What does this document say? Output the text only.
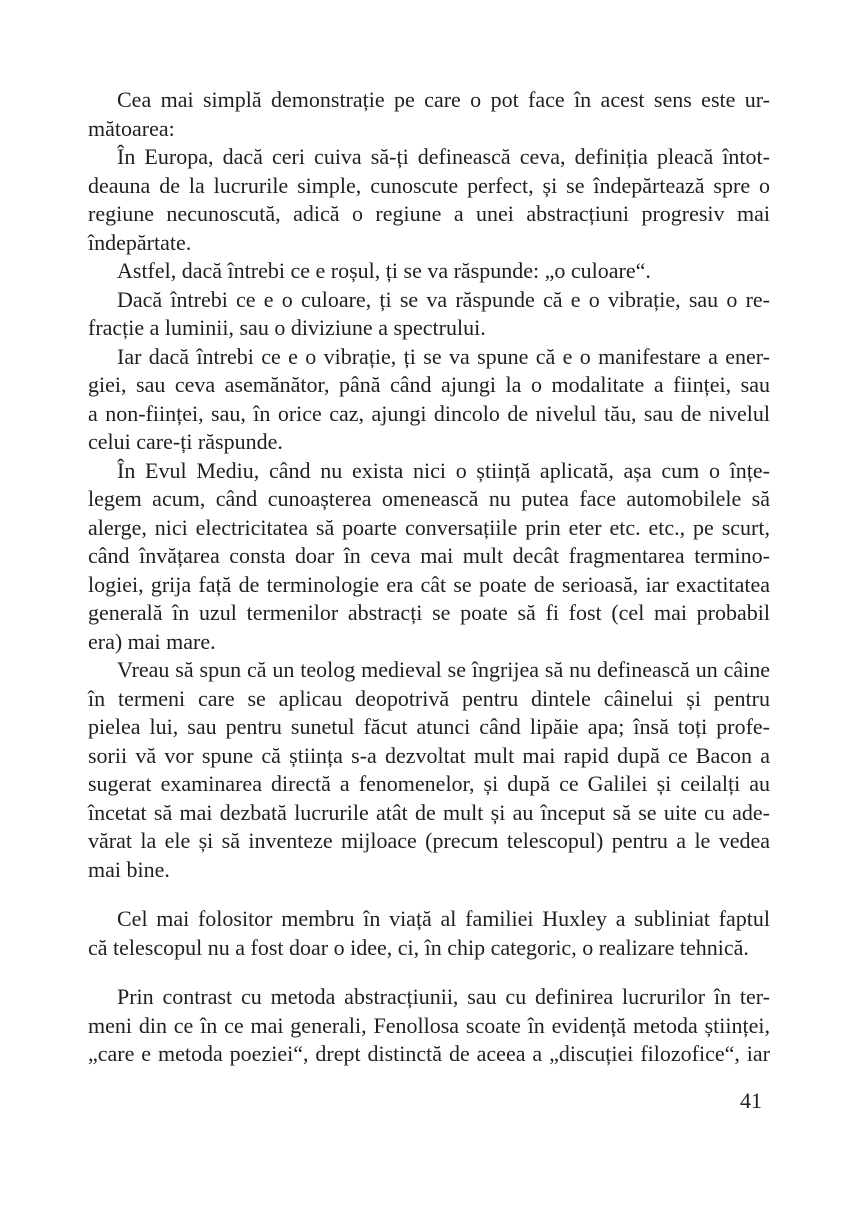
Cea mai simplă demonstrație pe care o pot face în acest sens este ur-
mătoarea:

În Europa, dacă ceri cuiva să-ți definească ceva, definiția pleacă întot-
deauna de la lucrurile simple, cunoscute perfect, și se îndepărtează spre o
regiune necunoscută, adică o regiune a unei abstracțiuni progresiv mai
îndepărtate.

Astfel, dacă întrebi ce e roșul, ți se va răspunde: „o culoare“.

Dacă întrebi ce e o culoare, ți se va răspunde că e o vibrație, sau o re-
fracție a luminii, sau o diviziune a spectrului.

Iar dacă întrebi ce e o vibrație, ți se va spune că e o manifestare a ener-
giei, sau ceva asemănător, până când ajungi la o modalitate a ființei, sau
a non-ființei, sau, în orice caz, ajungi dincolo de nivelul tău, sau de nivelul
celui care-ți răspunde.

În Evul Mediu, când nu exista nici o știință aplicată, așa cum o înțe-
legem acum, când cunoașterea omenească nu putea face automobilele să
alerge, nici electricitatea să poarte conversațiile prin eter etc. etc., pe scurt,
când învățarea consta doar în ceva mai mult decât fragmentarea termino-
logiei, grija față de terminologie era cât se poate de serioasă, iar exactitatea
generală în uzul termenilor abstracți se poate să fi fost (cel mai probabil
era) mai mare.

Vreau să spun că un teolog medieval se îngrijea să nu definească un câine
în termeni care se aplicau deopotrivă pentru dintele câinelui și pentru
pielea lui, sau pentru sunetul făcut atunci când lipăie apa; însă toți profe-
sorii vă vor spune că știința s-a dezvoltat mult mai rapid după ce Bacon a
sugerat examinarea directă a fenomenelor, și după ce Galilei și ceilalți au
încetat să mai dezbată lucrurile atât de mult și au început să se uite cu ade-
vărat la ele și să inventeze mijloace (precum telescopul) pentru a le vedea
mai bine.

Cel mai folositor membru în viață al familiei Huxley a subliniat faptul
că telescopul nu a fost doar o idee, ci, în chip categoric, o realizare tehnică.

Prin contrast cu metoda abstracțiunii, sau cu definirea lucrurilor în ter-
meni din ce în ce mai generali, Fenollosa scoate în evidență metoda științei,
„care e metoda poeziei“, drept distinctă de aceea a „discuției filozofice“, iar

41
